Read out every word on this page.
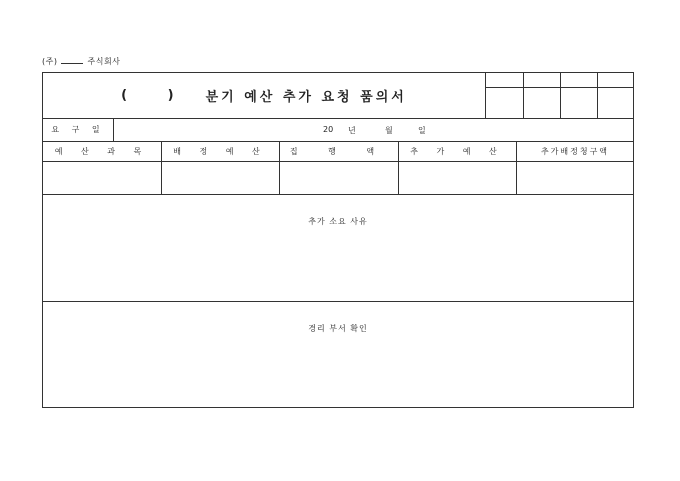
(주)	주식회사
( ) 분기 예산 추가 요청 품의서
요 구 일	20 년	월	일
예 산 과 목	배 정 예 산	집 행 액	추 가 예 산	추가배정청구액
추가 소요 사유
경리 부서 확인
